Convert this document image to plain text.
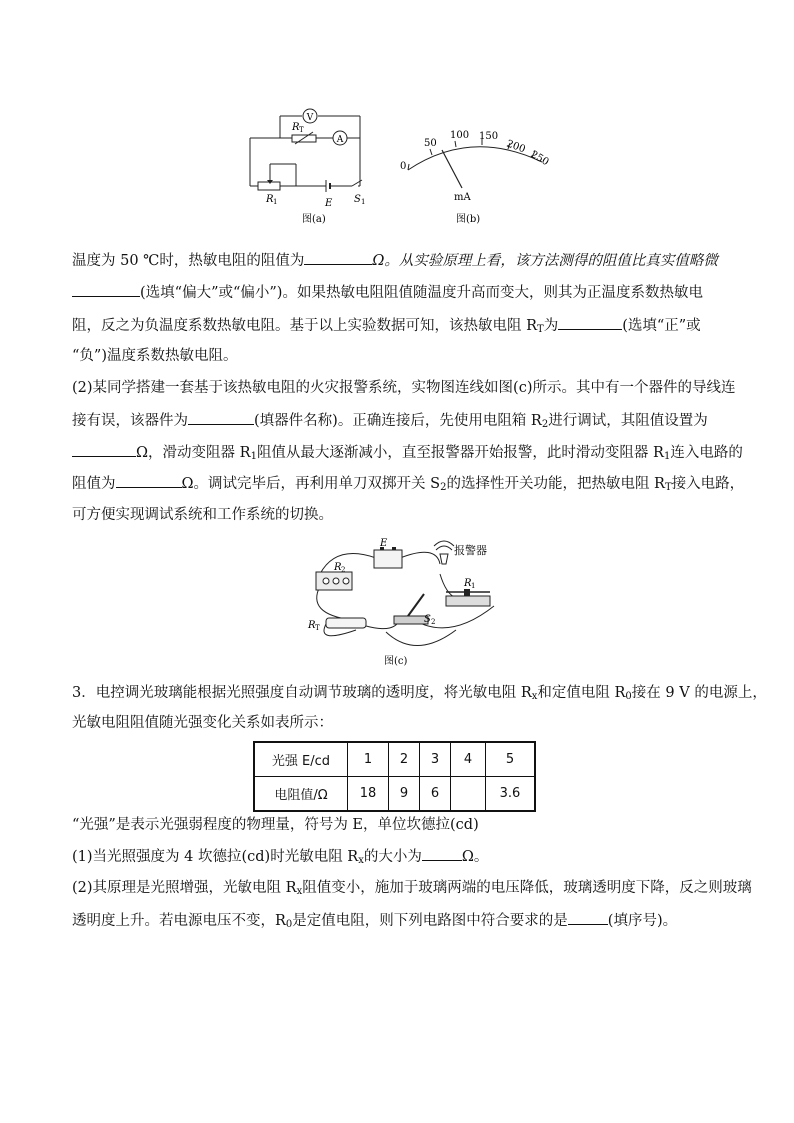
V
A
R T
R 1	E S 1
图(a)
0
50
100 150
200
250
mA
图(b)
温度为 50 ℃时，热敏电阻的阻值为	Ω。从实验原理上看，该方法测得的阻值比真实值略微
(选填“偏大”或“偏小”)。如果热敏电阻阻值随温度升高而变大，则其为正温度系数热敏电
阻，反之为负温度系数热敏电阻。基于以上实验数据可知，该热敏电阻 $R_T$为	(选填“正”或
“负”)温度系数热敏电阻。
(2)某同学搭建一套基于该热敏电阻的火灾报警系统，实物图连线如图(c)所示。其中有一个器件的导线连
接有误，该器件为	(填器件名称)。正确连接后，先使用电阻箱 $R_2$进行调试，其阻值设置为
Ω，滑动变阻器 $R_1$阻值从最大逐渐减小，直至报警器开始报警，此时滑动变阻器 $R_1$连入电路的
阻值为	Ω。调试完毕后，再利用单刀双掷开关 $S_2$的选择性开关功能，把热敏电阻 $R_T$接入电路，
可方便实现调试系统和工作系统的切换。
E
报警器
R 2
R 1
R T
S 2
图(c)
3．电控调光玻璃能根据光照强度自动调节玻璃的透明度，将光敏电阻 $R_x$和定值电阻 $R_0$接在 9 V 的电源上，
光敏电阻阻值随光强变化关系如表所示：
光强 E/cd	1	2	3	4	5
电阻值/Ω	18	9	6		3.6
“光强”是表示光强弱程度的物理量，符号为 E，单位坎德拉(cd)
(1)当光照强度为 4 坎德拉(cd)时光敏电阻 $R_x$的大小为	Ω。
(2)其原理是光照增强，光敏电阻 $R_x$阻值变小，施加于玻璃两端的电压降低，玻璃透明度下降，反之则玻璃
透明度上升。若电源电压不变，$R_0$是定值电阻，则下列电路图中符合要求的是	(填序号)。
